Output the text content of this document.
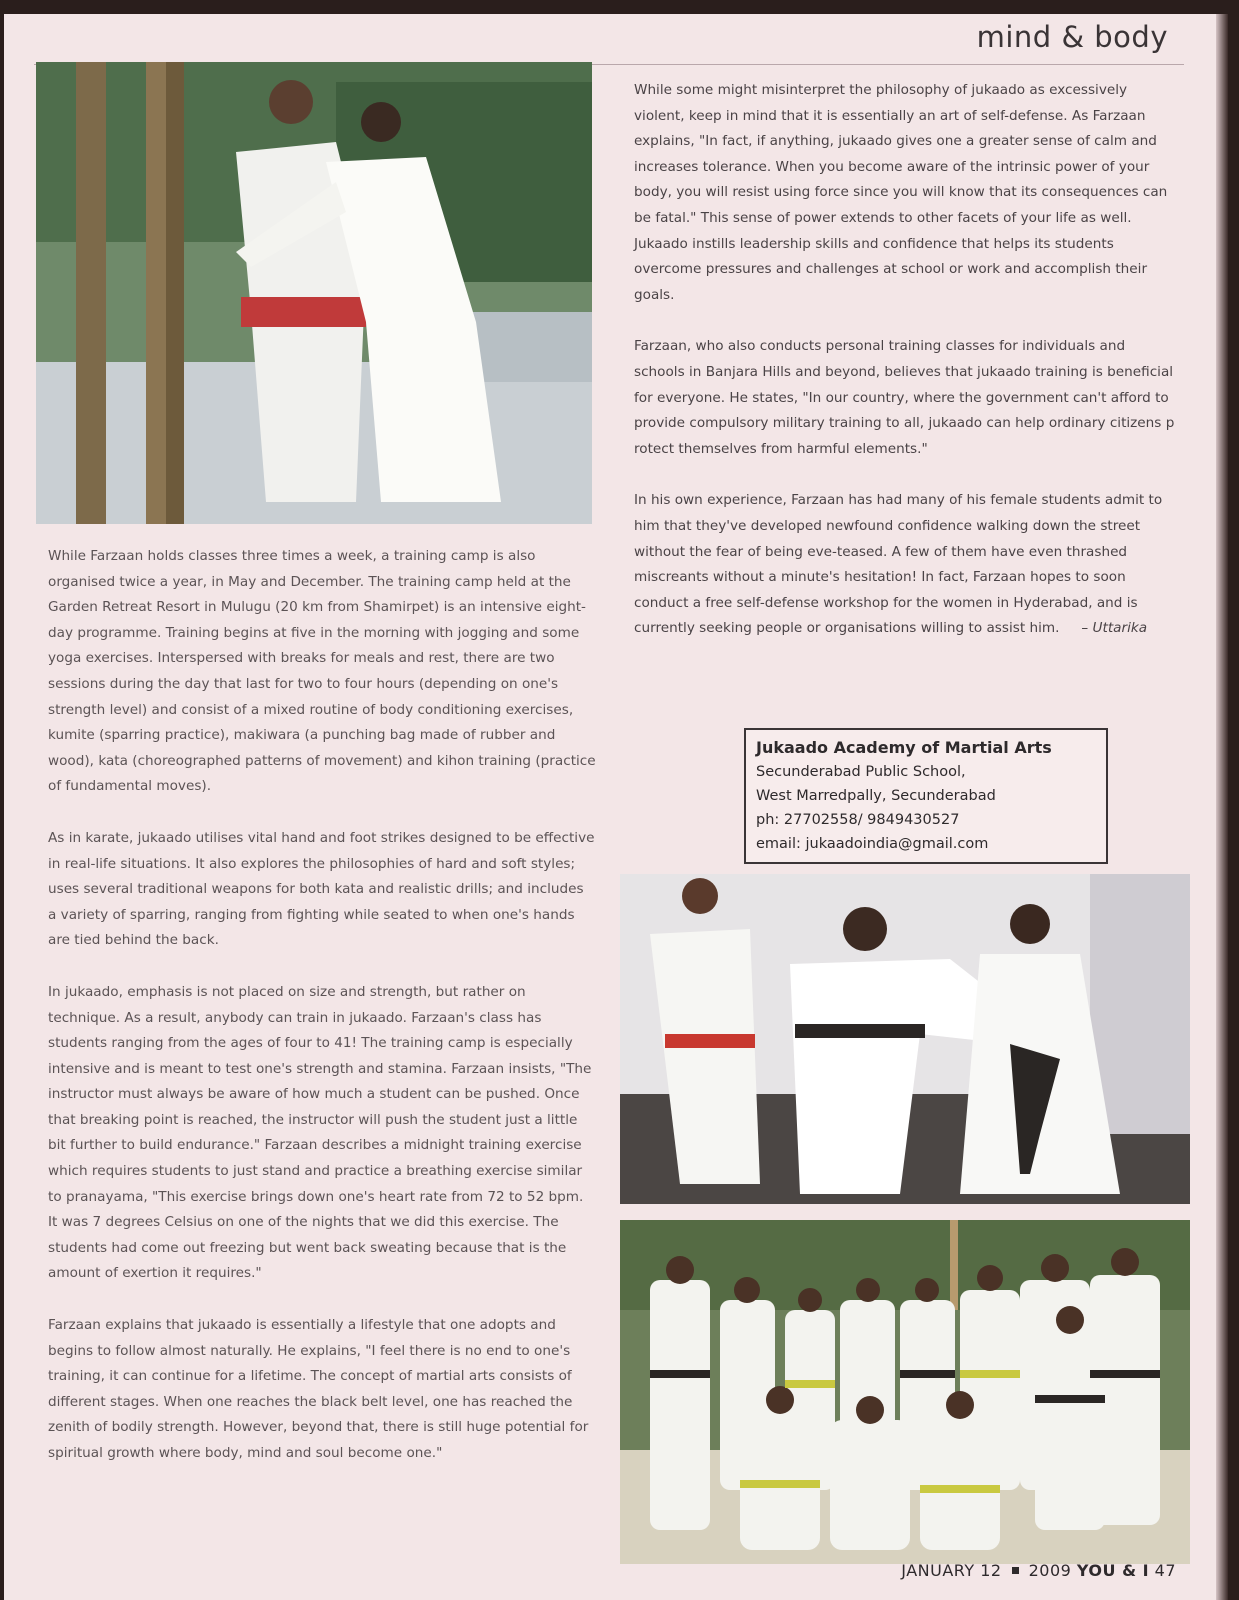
mind & body

While Farzaan holds classes three times a week, a training camp is also organised twice a year, in May and December. The training camp held at the Garden Retreat Resort in Mulugu (20 km from Shamirpet) is an intensive eight-day programme. Training begins at five in the morning with jogging and some yoga exercises. Interspersed with breaks for meals and rest, there are two sessions during the day that last for two to four hours (depending on one's strength level) and consist of a mixed routine of body conditioning exercises, kumite (sparring practice), makiwara (a punching bag made of rubber and wood), kata (choreographed patterns of movement) and kihon training (practice of fundamental moves).

As in karate, jukaado utilises vital hand and foot strikes designed to be effective in real-life situations. It also explores the philosophies of hard and soft styles; uses several traditional weapons for both kata and realistic drills; and includes a variety of sparring, ranging from fighting while seated to when one's hands are tied behind the back.

In jukaado, emphasis is not placed on size and strength, but rather on technique. As a result, anybody can train in jukaado. Farzaan's class has students ranging from the ages of four to 41! The training camp is especially intensive and is meant to test one's strength and stamina. Farzaan insists, "The instructor must always be aware of how much a student can be pushed. Once that breaking point is reached, the instructor will push the student just a little bit further to build endurance." Farzaan describes a midnight training exercise which requires students to just stand and practice a breathing exercise similar to pranayama, "This exercise brings down one's heart rate from 72 to 52 bpm. It was 7 degrees Celsius on one of the nights that we did this exercise. The students had come out freezing but went back sweating because that is the amount of exertion it requires."

Farzaan explains that jukaado is essentially a lifestyle that one adopts and begins to follow almost naturally. He explains, "I feel there is no end to one's training, it can continue for a lifetime. The concept of martial arts consists of different stages. When one reaches the black belt level, one has reached the zenith of bodily strength. However, beyond that, there is still huge potential for spiritual growth where body, mind and soul become one."

While some might misinterpret the philosophy of jukaado as excessively violent, keep in mind that it is essentially an art of self-defense. As Farzaan explains, "In fact, if anything, jukaado gives one a greater sense of calm and increases tolerance. When you become aware of the intrinsic power of your body, you will resist using force since you will know that its consequences can be fatal." This sense of power extends to other facets of your life as well. Jukaado instills leadership skills and confidence that helps its students overcome pressures and challenges at school or work and accomplish their goals.

Farzaan, who also conducts personal training classes for individuals and schools in Banjara Hills and beyond, believes that jukaado training is beneficial for everyone. He states, "In our country, where the government can't afford to provide compulsory military training to all, jukaado can help ordinary citizens p rotect themselves from harmful elements."

In his own experience, Farzaan has had many of his female students admit to him that they've developed newfound confidence walking down the street without the fear of being eve-teased. A few of them have even thrashed miscreants without a minute's hesitation! In fact, Farzaan hopes to soon conduct a free self-defense workshop for the women in Hyderabad, and is currently seeking people or organisations willing to assist him. – Uttarika

Jukaado Academy of Martial Arts
Secunderabad Public School,
West Marredpally, Secunderabad
ph: 27702558/ 9849430527
email: jukaadoindia@gmail.com
JANUARY 12 2009 YOU & I 47
